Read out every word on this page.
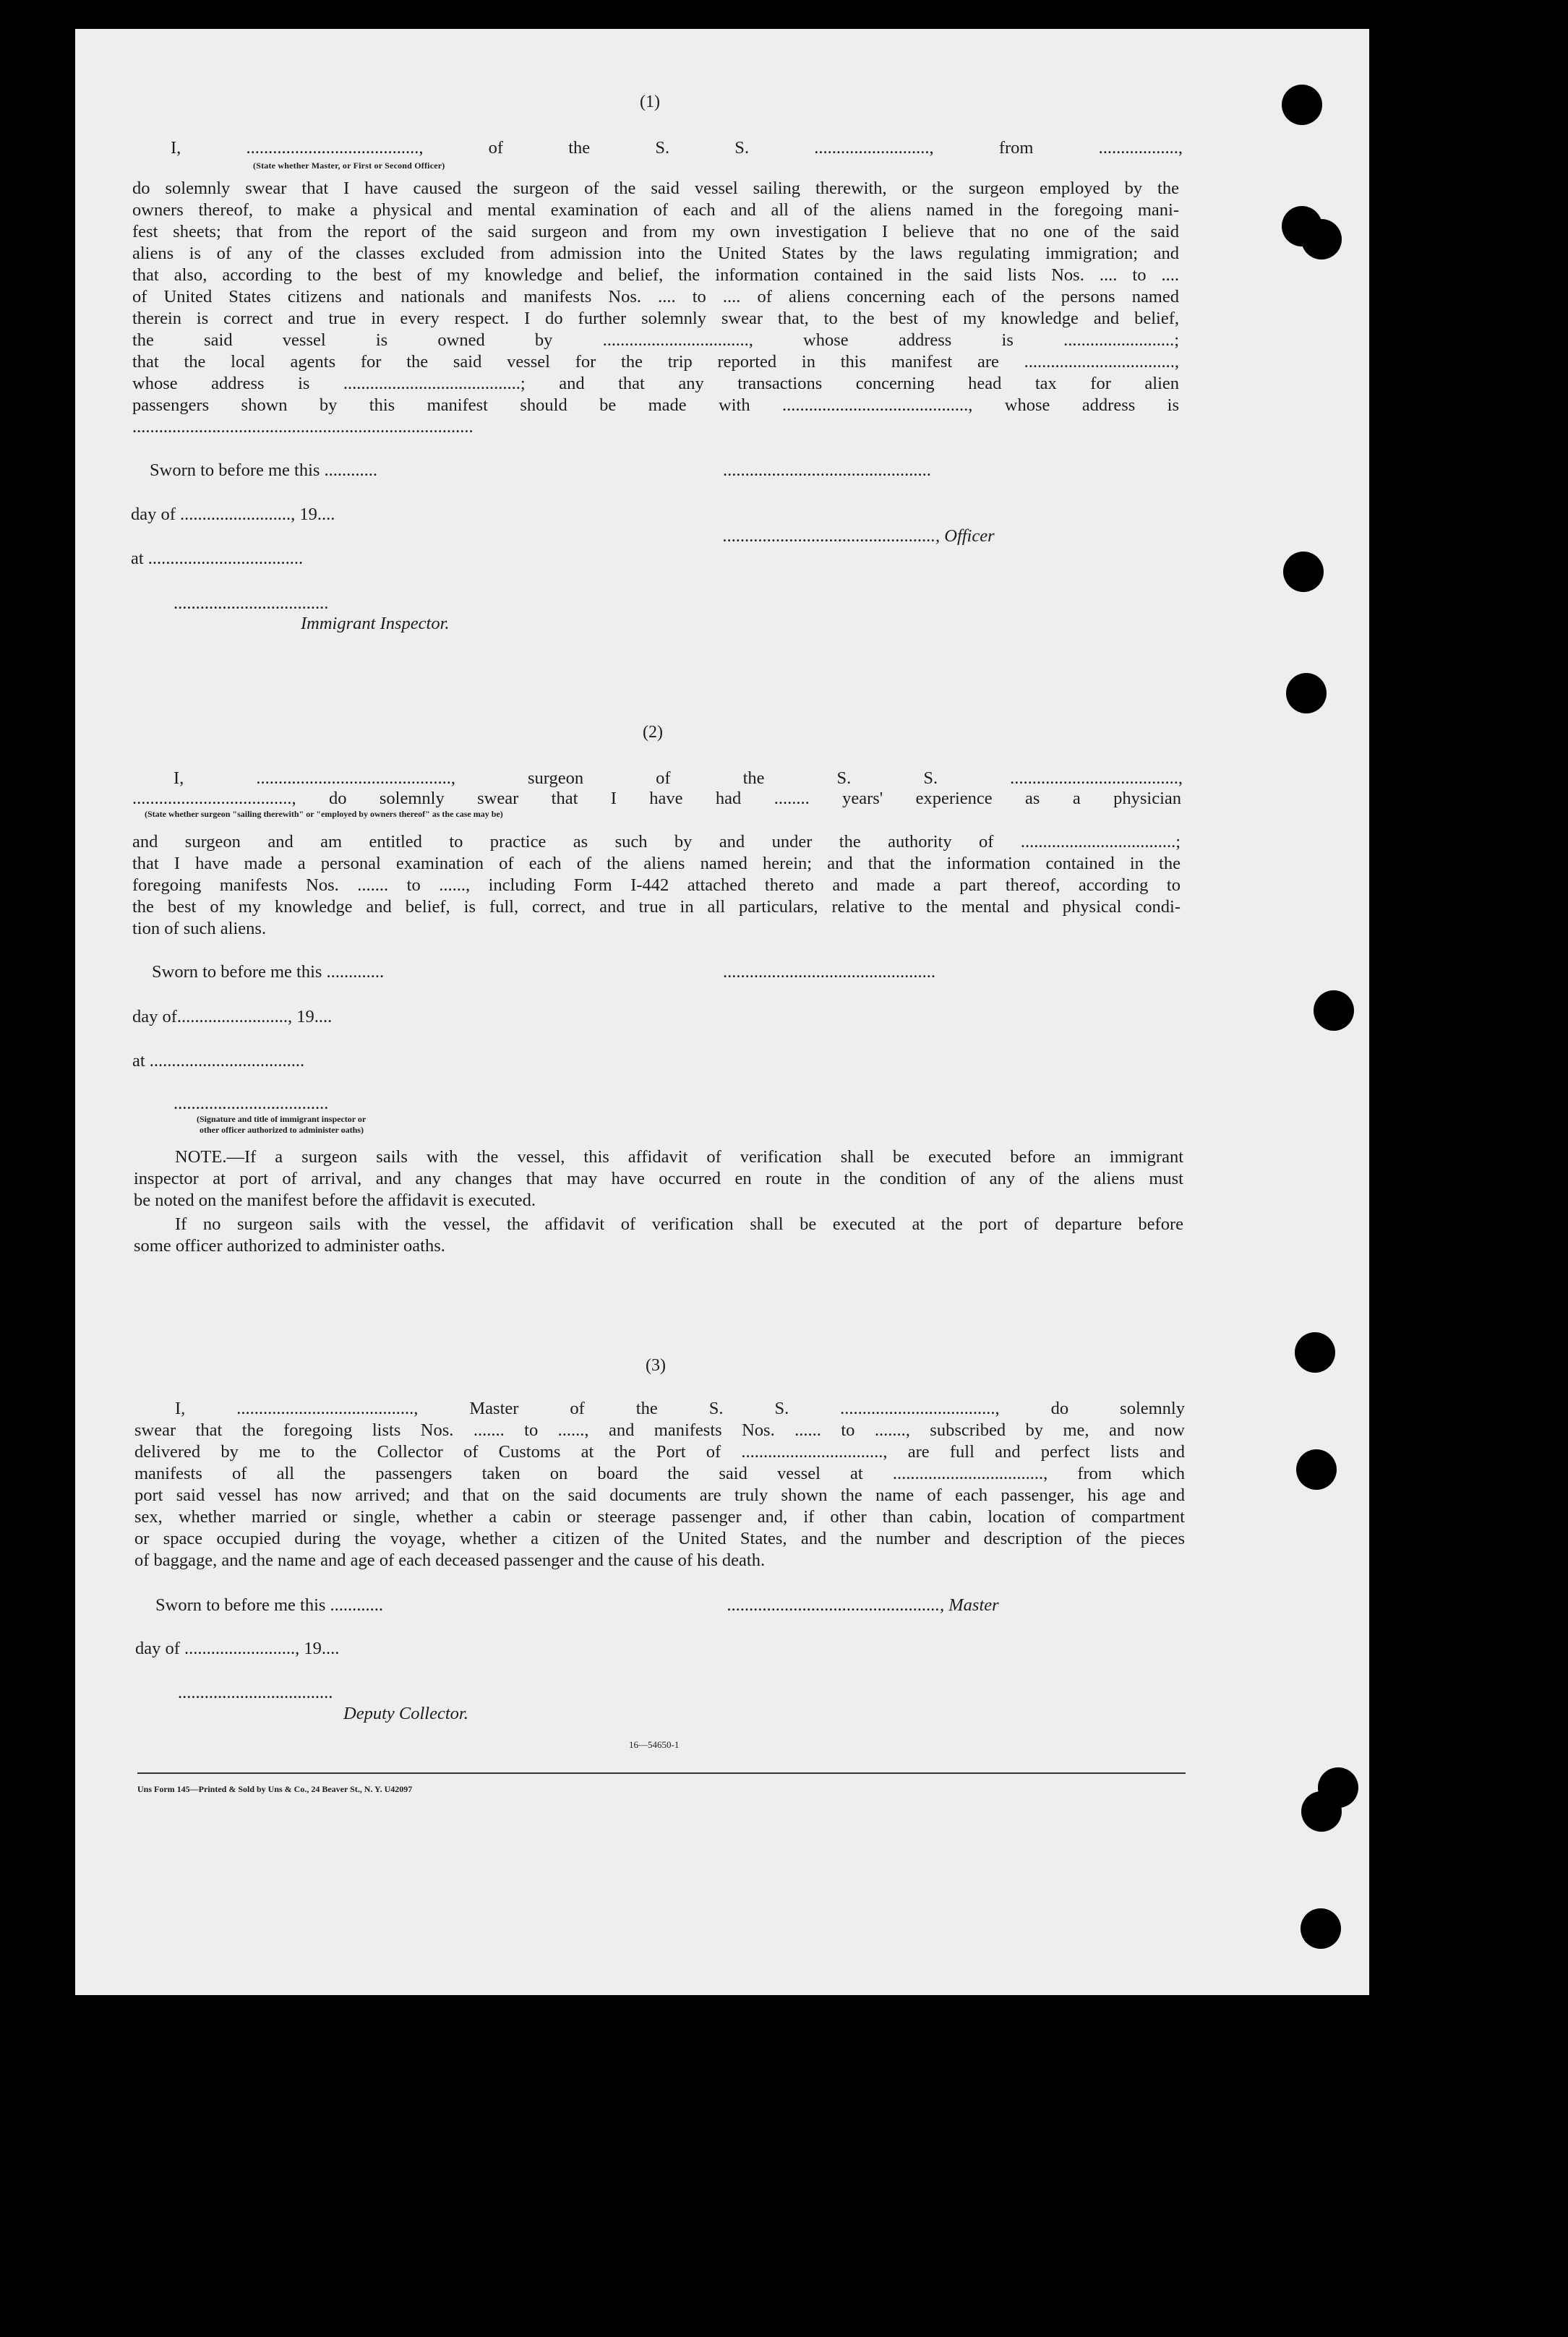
(1)
I, ......................................., of the S. S. .........................., from ..................,
(State whether Master, or First or Second Officer)
do solemnly swear that I have caused the surgeon of the said vessel sailing therewith, or the surgeon employed by the
owners thereof, to make a physical and mental examination of each and all of the aliens named in the foregoing mani-
fest sheets; that from the report of the said surgeon and from my own investigation I believe that no one of the said
aliens is of any of the classes excluded from admission into the United States by the laws regulating immigration; and
that also, according to the best of my knowledge and belief, the information contained in the said lists Nos. .... to ....
of United States citizens and nationals and manifests Nos. .... to .... of aliens concerning each of the persons named
therein is correct and true in every respect. I do further solemnly swear that, to the best of my knowledge and belief,
the said vessel is owned by ................................., whose address is .........................;
that the local agents for the said vessel for the trip reported in this manifest are ..................................,
whose address is ........................................; and that any transactions concerning head tax for alien
passengers shown by this manifest should be made with .........................................., whose address is
.............................................................................
Sworn to before me this ............	...............................................
day of ........................., 19....
................................................, Officer
at ...................................
...................................
Immigrant Inspector.
(2)
I, ............................................, surgeon of the S. S. ......................................,
...................................., do solemnly swear that I have had ........ years' experience as a physician
(State whether surgeon "sailing therewith" or "employed by owners thereof" as the case may be)
and surgeon and am entitled to practice as such by and under the authority of ...................................;
that I have made a personal examination of each of the aliens named herein; and that the information contained in the
foregoing manifests Nos. ....... to ......, including Form I-442 attached thereto and made a part thereof, according to
the best of my knowledge and belief, is full, correct, and true in all particulars, relative to the mental and physical condi-
tion of such aliens.
Sworn to before me this .............	................................................
day of........................., 19....
at ...................................
...................................
(Signature and title of immigrant inspector or
other officer authorized to administer oaths)
NOTE.—If a surgeon sails with the vessel, this affidavit of verification shall be executed before an immigrant
inspector at port of arrival, and any changes that may have occurred en route in the condition of any of the aliens must
be noted on the manifest before the affidavit is executed.
If no surgeon sails with the vessel, the affidavit of verification shall be executed at the port of departure before
some officer authorized to administer oaths.
(3)
I, ........................................, Master of the S. S. ..................................., do solemnly
swear that the foregoing lists Nos. ....... to ......, and manifests Nos. ...... to ......., subscribed by me, and now
delivered by me to the Collector of Customs at the Port of ................................, are full and perfect lists and
manifests of all the passengers taken on board the said vessel at .................................., from which
port said vessel has now arrived; and that on the said documents are truly shown the name of each passenger, his age and
sex, whether married or single, whether a cabin or steerage passenger and, if other than cabin, location of compartment
or space occupied during the voyage, whether a citizen of the United States, and the number and description of the pieces
of baggage, and the name and age of each deceased passenger and the cause of his death.
Sworn to before me this ............	................................................, Master
day of ........................., 19....
...................................
Deputy Collector.
16—54650-1
Uns Form 145—Printed & Sold by Uns & Co., 24 Beaver St., N. Y. U42097
